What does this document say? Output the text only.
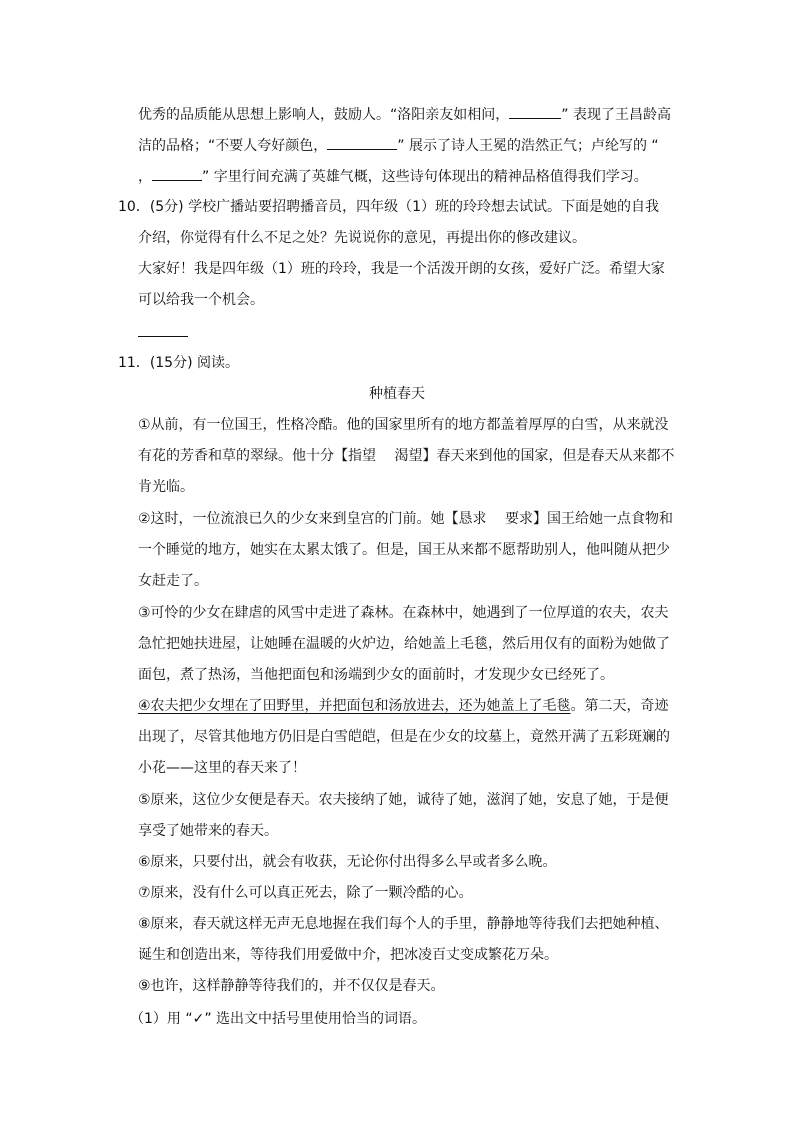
优秀的品质能从思想上影响人，鼓励人。“洛阳亲友如相问，	” 表现了王昌龄高
洁的品格；“不要人夸好颜色，	” 展示了诗人王冕的浩然正气；卢纶写的 “
，	” 字里行间充满了英雄气概，这些诗句体现出的精神品格值得我们学习。
10．(5分) 学校广播站要招聘播音员，四年级（1）班的玲玲想去试试。下面是她的自我
介绍，你觉得有什么不足之处？先说说你的意见，再提出你的修改建议。
大家好！我是四年级（1）班的玲玲，我是一个活泼开朗的女孩，爱好广泛。希望大家
可以给我一个机会。
11．(15分) 阅读。
种植春天
①从前，有一位国王，性格冷酷。他的国家里所有的地方都盖着厚厚的白雪，从来就没
有花的芳香和草的翠绿。他十分【指望　 渴望】春天来到他的国家，但是春天从来都不
肯光临。
②这时，一位流浪已久的少女来到皇宫的门前。她【恳求　 要求】国王给她一点食物和
一个睡觉的地方，她实在太累太饿了。但是，国王从来都不愿帮助别人，他叫随从把少
女赶走了。
③可怜的少女在肆虐的风雪中走进了森林。在森林中，她遇到了一位厚道的农夫，农夫
急忙把她扶进屋，让她睡在温暖的火炉边，给她盖上毛毯，然后用仅有的面粉为她做了
面包，煮了热汤，当他把面包和汤端到少女的面前时，才发现少女已经死了。
④农夫把少女埋在了田野里，并把面包和汤放进去，还为她盖上了毛毯。第二天，奇迹
出现了，尽管其他地方仍旧是白雪皑皑，但是在少女的坟墓上，竟然开满了五彩斑斓的
小花——这里的春天来了！
⑤原来，这位少女便是春天。农夫接纳了她，诚待了她，滋润了她，安息了她，于是便
享受了她带来的春天。
⑥原来，只要付出，就会有收获，无论你付出得多么早或者多么晚。
⑦原来，没有什么可以真正死去，除了一颗冷酷的心。
⑧原来，春天就这样无声无息地握在我们每个人的手里，静静地等待我们去把她种植、
诞生和创造出来，等待我们用爱做中介，把冰凌百丈变成繁花万朵。
⑨也许，这样静静等待我们的，并不仅仅是春天。
（1）用 “✓” 选出文中括号里使用恰当的词语。
